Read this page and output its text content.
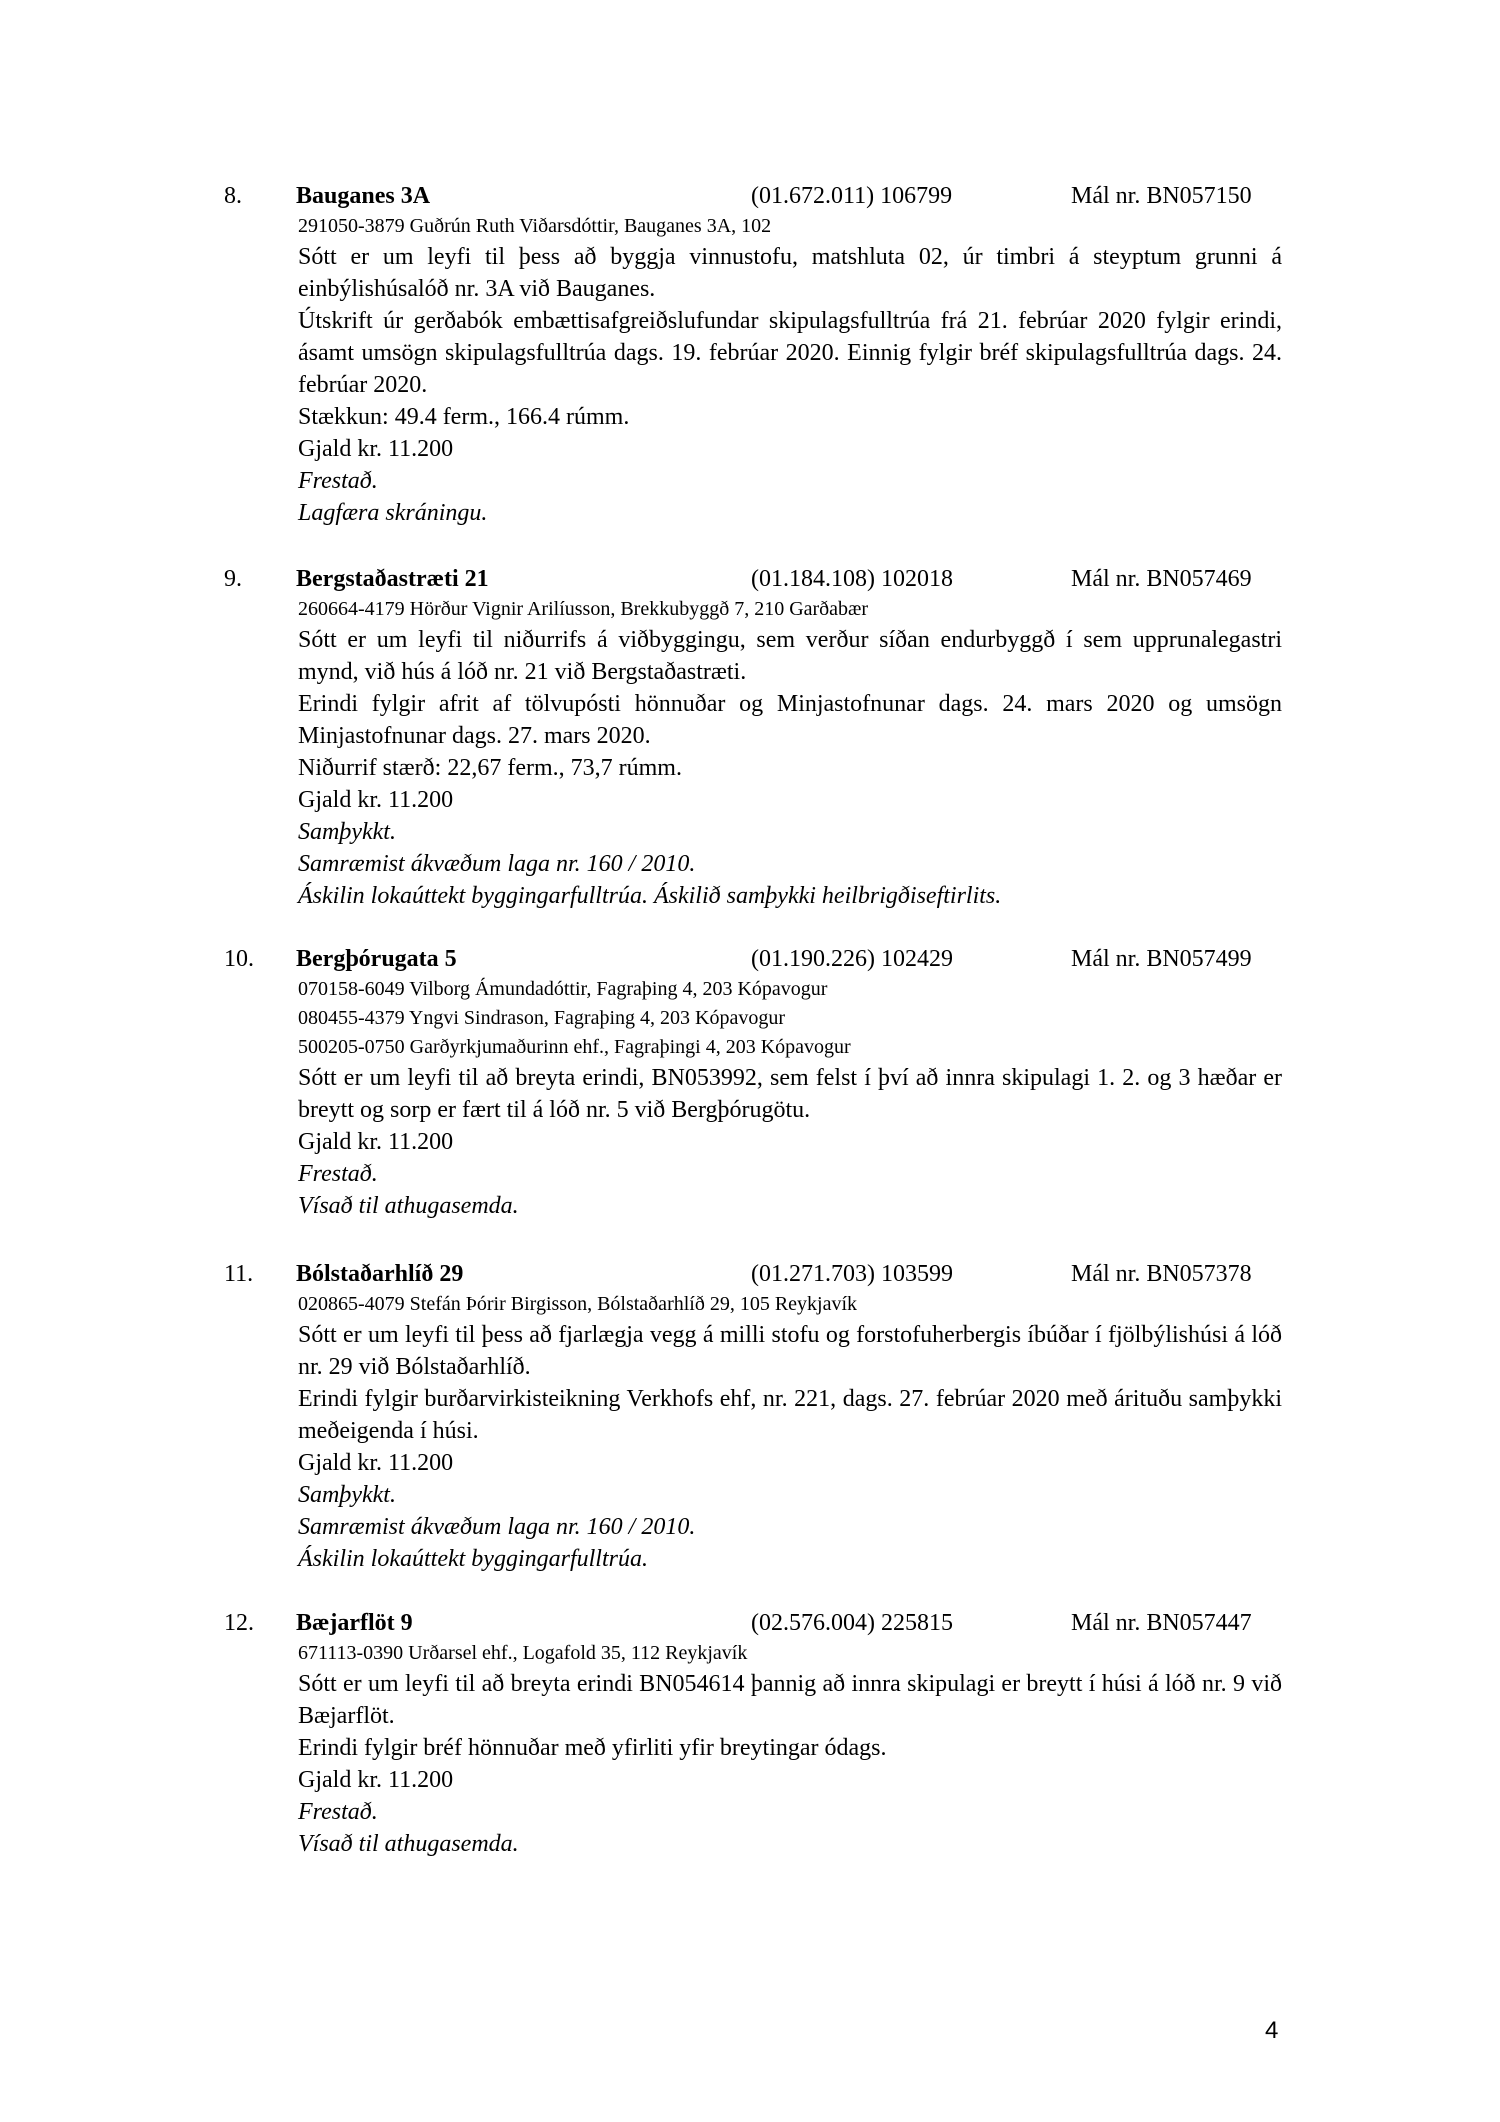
8. Bauganes 3A	(01.672.011) 106799	Mál nr. BN057150
291050-3879 Guðrún Ruth Viðarsdóttir, Bauganes 3A, 102

Sótt er um leyfi til þess að byggja vinnustofu, matshluta 02, úr timbri á steyptum grunni á einbýlishúsalóð nr. 3A við Bauganes.

Útskrift úr gerðabók embættisafgreiðslufundar skipulagsfulltrúa frá 21. febrúar 2020 fylgir erindi, ásamt umsögn skipulagsfulltrúa dags. 19. febrúar 2020. Einnig fylgir bréf skipulagsfulltrúa dags. 24. febrúar 2020.

Stækkun: 49.4 ferm., 166.4 rúmm.
Gjald kr. 11.200
Frestað.
Lagfæra skráningu.
9. Bergstaðastræti 21	(01.184.108) 102018	Mál nr. BN057469
260664-4179 Hörður Vignir Arilíusson, Brekkubyggð 7, 210 Garðabær

Sótt er um leyfi til niðurrifs á viðbyggingu, sem verður síðan endurbyggð í sem upprunalegastri mynd, við hús á lóð nr. 21 við Bergstaðastræti.

Erindi fylgir afrit af tölvupósti hönnuðar og Minjastofnunar dags. 24. mars 2020 og umsögn Minjastofnunar dags. 27. mars 2020.

Niðurrif stærð: 22,67 ferm., 73,7 rúmm.
Gjald kr. 11.200
Samþykkt.
Samræmist ákvæðum laga nr. 160 / 2010.
Áskilin lokaúttekt byggingarfulltrúa. Áskilið samþykki heilbrigðiseftirlits.
10. Bergþórugata 5	(01.190.226) 102429	Mál nr. BN057499
070158-6049 Vilborg Ámundadóttir, Fagraþing 4, 203 Kópavogur
080455-4379 Yngvi Sindrason, Fagraþing 4, 203 Kópavogur
500205-0750 Garðyrkjumaðurinn ehf., Fagraþingi 4, 203 Kópavogur

Sótt er um leyfi til að breyta erindi, BN053992, sem felst í því að innra skipulagi 1. 2. og 3 hæðar er breytt og sorp er fært til á lóð nr. 5 við Bergþórugötu.

Gjald kr. 11.200
Frestað.
Vísað til athugasemda.
11. Bólstaðarhlíð 29	(01.271.703) 103599	Mál nr. BN057378
020865-4079 Stefán Þórir Birgisson, Bólstaðarhlíð 29, 105 Reykjavík

Sótt er um leyfi til þess að fjarlægja vegg á milli stofu og forstofuherbergis íbúðar í fjölbýlishúsi á lóð nr. 29 við Bólstaðarhlíð.

Erindi fylgir burðarvirkisteikning Verkhofs ehf, nr. 221, dags. 27. febrúar 2020 með árituðu samþykki meðeigenda í húsi.

Gjald kr. 11.200
Samþykkt.
Samræmist ákvæðum laga nr. 160 / 2010.
Áskilin lokaúttekt byggingarfulltrúa.
12. Bæjarflöt 9	(02.576.004) 225815	Mál nr. BN057447
671113-0390 Urðarsel ehf., Logafold 35, 112 Reykjavík

Sótt er um leyfi til að breyta erindi BN054614 þannig að innra skipulagi er breytt í húsi á lóð nr. 9 við Bæjarflöt.

Erindi fylgir bréf hönnuðar með yfirliti yfir breytingar ódags.

Gjald kr. 11.200
Frestað.
Vísað til athugasemda.
4
